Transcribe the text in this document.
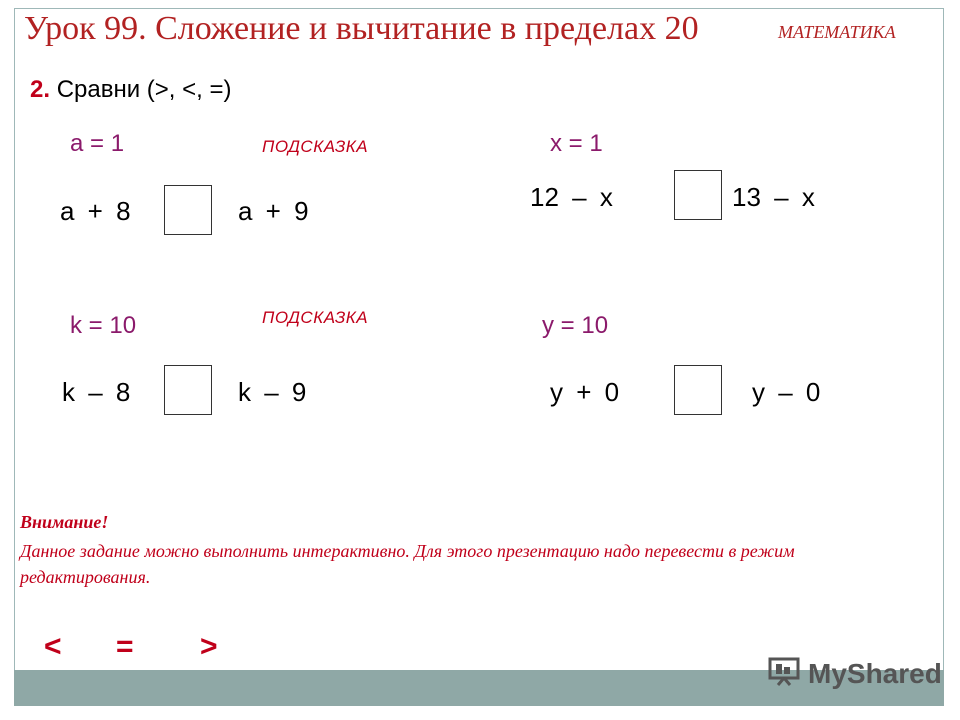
Урок 99. Сложение и вычитание в пределах 20	МАТЕМАТИКА
2. Сравни (>, <, =)
a = 1	ПОДСКАЗКА
a + 8	a + 9
x = 1
12 – x	13 – x
k = 10	ПОДСКАЗКА
k – 8	k – 9
y = 10
y + 0	y – 0
Внимание!
Данное задание можно выполнить интерактивно. Для этого презентацию надо перевести в режим редактирования.
< = >
MyShared
